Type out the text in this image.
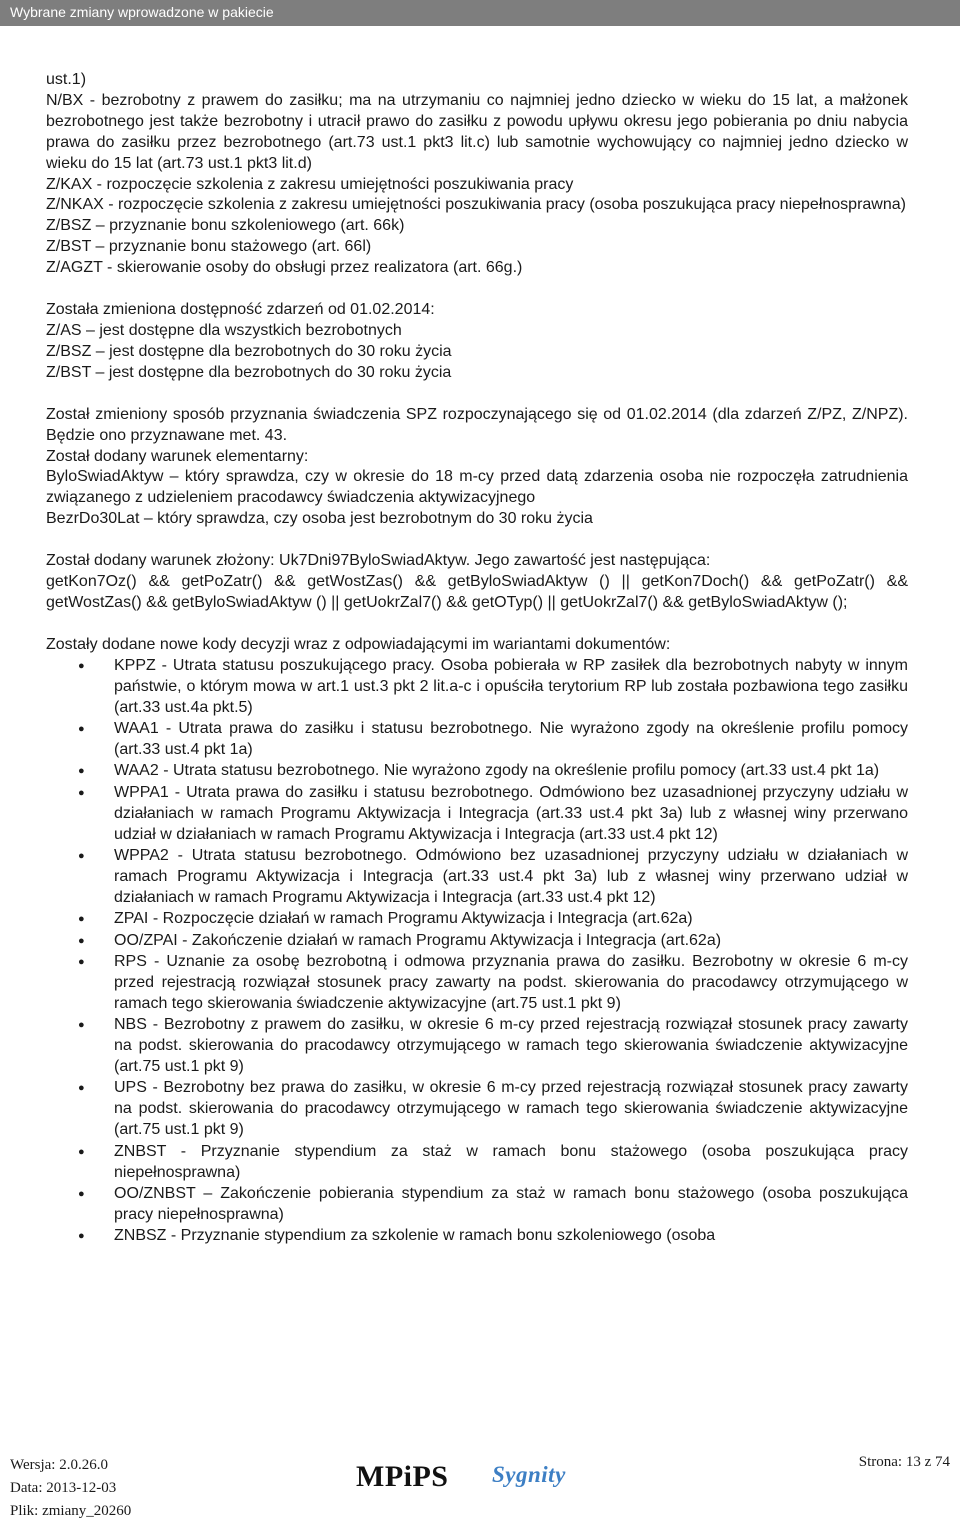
Wybrane zmiany wprowadzone w pakiecie

ust.1)

N/BX - bezrobotny z prawem do zasiłku; ma na utrzymaniu co najmniej jedno dziecko w wieku do 15 lat, a małżonek bezrobotnego jest także bezrobotny i utracił prawo do zasiłku z powodu upływu okresu jego pobierania po dniu nabycia prawa do zasiłku przez bezrobotnego (art.73 ust.1 pkt3 lit.c) lub samotnie wychowujący co najmniej jedno dziecko w wieku do 15 lat (art.73 ust.1 pkt3 lit.d)

Z/KAX - rozpoczęcie szkolenia z zakresu umiejętności poszukiwania pracy

Z/NKAX - rozpoczęcie szkolenia z zakresu umiejętności poszukiwania pracy (osoba poszukująca pracy niepełnosprawna)

Z/BSZ – przyznanie bonu szkoleniowego (art. 66k)

Z/BST – przyznanie bonu stażowego (art. 66l)

Z/AGZT - skierowanie osoby do obsługi przez realizatora (art. 66g.)

Została zmieniona dostępność zdarzeń od 01.02.2014:

Z/AS – jest dostępne dla wszystkich bezrobotnych

Z/BSZ – jest dostępne dla bezrobotnych do 30 roku życia

Z/BST – jest dostępne dla bezrobotnych do 30 roku życia

Został zmieniony sposób przyznania świadczenia SPZ rozpoczynającego się od 01.02.2014 (dla zdarzeń Z/PZ, Z/NPZ). Będzie ono przyznawane met. 43.

Został dodany warunek elementarny:

BylоSwiadAktyw – który sprawdza, czy w okresie do 18 m-cy przed datą zdarzenia osoba nie rozpoczęła zatrudnienia związanego z udzieleniem pracodawcy świadczenia aktywizacyjnego

BezrDo30Lat – który sprawdza, czy osoba jest bezrobotnym do 30 roku życia

Został dodany warunek złożony: Uk7Dni97ByloSwiadAktyw. Jego zawartość jest następująca:

getKon7Oz() && getPoZatr() && getWostZas() && getByloSwiadAktyw () || getKon7Doch() && getPoZatr() && getWostZas() && getByloSwiadAktyw () || getUokrZal7() && getOTyp() || getUokrZal7() && getByloSwiadAktyw ();

Zostały dodane nowe kody decyzji wraz z odpowiadającymi im wariantami dokumentów:

● KPPZ - Utrata statusu poszukującego pracy. Osoba pobierała w RP zasiłek dla bezrobotnych nabyty w innym państwie, o którym mowa w art.1 ust.3 pkt 2 lit.a-c i opuściła terytorium RP lub została pozbawiona tego zasiłku (art.33 ust.4a pkt.5)
● WAA1 - Utrata prawa do zasiłku i statusu bezrobotnego. Nie wyrażono zgody na określenie profilu pomocy (art.33 ust.4 pkt 1a)
● WAA2 - Utrata statusu bezrobotnego. Nie wyrażono zgody na określenie profilu pomocy (art.33 ust.4 pkt 1a)
● WPPA1 - Utrata prawa do zasiłku i statusu bezrobotnego. Odmówiono bez uzasadnionej przyczyny udziału w działaniach w ramach Programu Aktywizacja i Integracja (art.33 ust.4 pkt 3a) lub z własnej winy przerwano udział w działaniach w ramach Programu Aktywizacja i Integracja (art.33 ust.4 pkt 12)
● WPPA2 - Utrata statusu bezrobotnego. Odmówiono bez uzasadnionej przyczyny udziału w działaniach w ramach Programu Aktywizacja i Integracja (art.33 ust.4 pkt 3a) lub z własnej winy przerwano udział w działaniach w ramach Programu Aktywizacja i Integracja (art.33 ust.4 pkt 12)
● ZPAI - Rozpoczęcie działań w ramach Programu Aktywizacja i Integracja (art.62a)
● OO/ZPAI - Zakończenie działań w ramach Programu Aktywizacja i Integracja (art.62a)
● RPS - Uznanie za osobę bezrobotną i odmowa przyznania prawa do zasiłku. Bezrobotny w okresie 6 m-cy przed rejestracją rozwiązał stosunek pracy zawarty na podst. skierowania do pracodawcy otrzymującego w ramach tego skierowania świadczenie aktywizacyjne (art.75 ust.1 pkt 9)
● NBS - Bezrobotny z prawem do zasiłku, w okresie 6 m-cy przed rejestracją rozwiązał stosunek pracy zawarty na podst. skierowania do pracodawcy otrzymującego w ramach tego skierowania świadczenie aktywizacyjne (art.75 ust.1 pkt 9)
● UPS - Bezrobotny bez prawa do zasiłku, w okresie 6 m-cy przed rejestracją rozwiązał stosunek pracy zawarty na podst. skierowania do pracodawcy otrzymującego w ramach tego skierowania świadczenie aktywizacyjne (art.75 ust.1 pkt 9)
● ZNBST - Przyznanie stypendium za staż w ramach bonu stażowego (osoba poszukująca pracy niepełnosprawna)
● OO/ZNBST – Zakończenie pobierania stypendium za staż w ramach bonu stażowego (osoba poszukująca pracy niepełnosprawna)
● ZNBSZ - Przyznanie stypendium za szkolenie w ramach bonu szkoleniowego (osoba
Wersja: 2.0.26.0
Data: 2013-12-03
Plik: zmiany_20260
MPiPS Sygnity	Strona: 13 z 74
